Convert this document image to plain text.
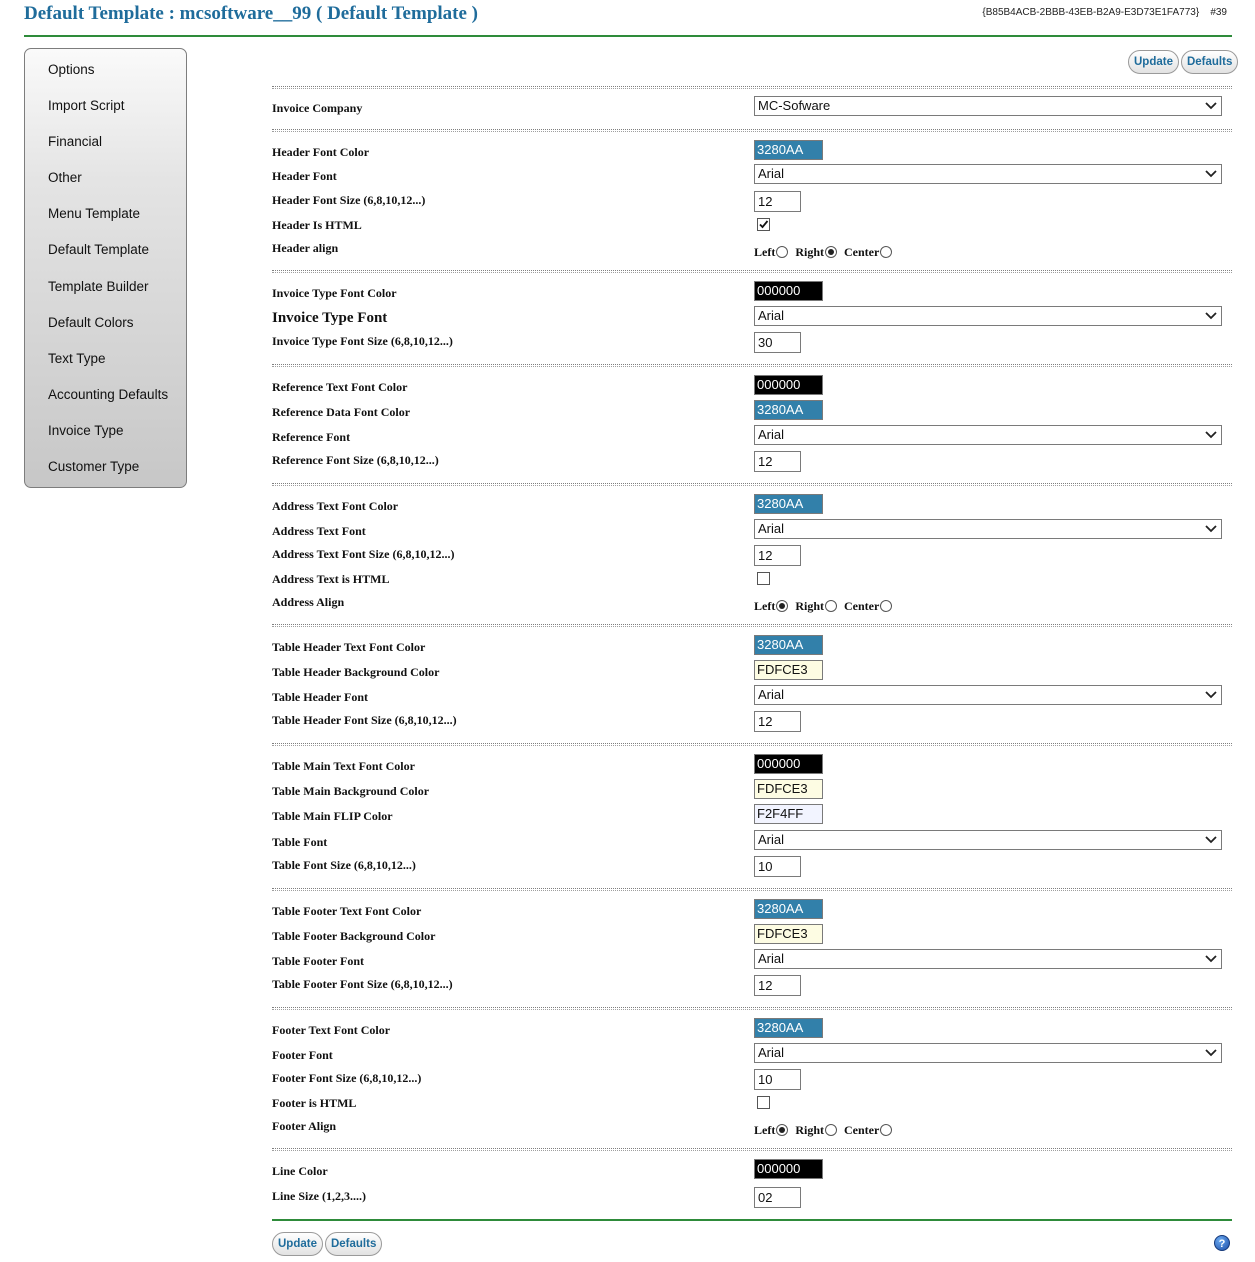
Default Template : mcsoftware__99 ( Default Template )	{B85B4ACB-2BBB-43EB-B2A9-E3D73E1FA773} #39
Options
Import Script
Financial
Other
Menu Template
Default Template
Template Builder
Default Colors
Text Type
Accounting Defaults
Invoice Type
Customer Type
Update	Defaults
Invoice Company	MC-Sofware
Header Font Color	3280AA
Header Font	Arial
Header Font Size (6,8,10,12...)	12
Header Is HTML
Header align	Left Right Center
Invoice Type Font Color	000000
Invoice Type Font	Arial
Invoice Type Font Size (6,8,10,12...)	30
Reference Text Font Color	000000
Reference Data Font Color	3280AA
Reference Font	Arial
Reference Font Size (6,8,10,12...)	12
Address Text Font Color	3280AA
Address Text Font	Arial
Address Text Font Size (6,8,10,12...)	12
Address Text is HTML
Address Align	Left Right Center
Table Header Text Font Color	3280AA
Table Header Background Color	FDFCE3
Table Header Font	Arial
Table Header Font Size (6,8,10,12...)	12
Table Main Text Font Color	000000
Table Main Background Color	FDFCE3
Table Main FLIP Color	F2F4FF
Table Font	Arial
Table Font Size (6,8,10,12...)	10
Table Footer Text Font Color	3280AA
Table Footer Background Color	FDFCE3
Table Footer Font	Arial
Table Footer Font Size (6,8,10,12...)	12
Footer Text Font Color	3280AA
Footer Font	Arial
Footer Font Size (6,8,10,12...)	10
Footer is HTML
Footer Align	Left Right Center
Line Color	000000
Line Size (1,2,3....)	02
Update	Defaults	?
